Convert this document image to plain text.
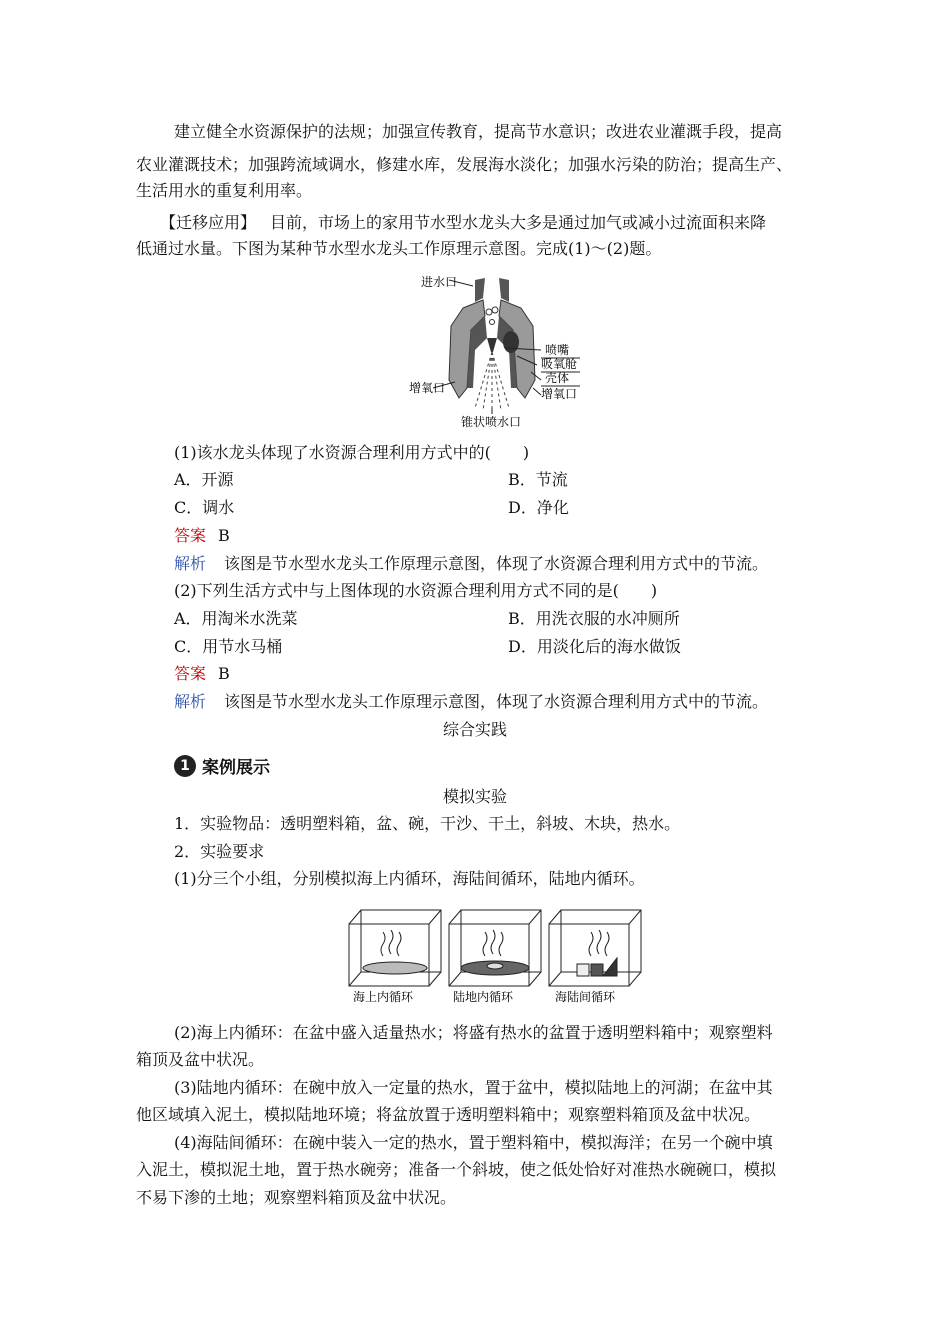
建立健全水资源保护的法规；加强宣传教育，提高节水意识；改进农业灌溉手段，提高
农业灌溉技术；加强跨流域调水，修建水库，发展海水淡化；加强水污染的防治；提高生产、
生活用水的重复利用率。
【迁移应用】 目前，市场上的家用节水型水龙头大多是通过加气或减小过流面积来降
低通过水量。下图为某种节水型水龙头工作原理示意图。完成(1)～(2)题。
进水口
喷嘴
吸氧舱
壳体
增氧口
增氧口
锥状喷水口
(1)该水龙头体现了水资源合理利用方式中的(　　)
A．开源	B．节流
C．调水	D．净化
答案 B
解析 该图是节水型水龙头工作原理示意图，体现了水资源合理利用方式中的节流。
(2)下列生活方式中与上图体现的水资源合理利用方式不同的是(　　)
A．用淘米水洗菜	B．用洗衣服的水冲厕所
C．用节水马桶	D．用淡化后的海水做饭
答案 B
解析 该图是节水型水龙头工作原理示意图，体现了水资源合理利用方式中的节流。
综合实践
1 案例展示
模拟实验
1．实验物品：透明塑料箱，盆、碗，干沙、干土，斜坡、木块，热水。
2．实验要求
(1)分三个小组，分别模拟海上内循环，海陆间循环，陆地内循环。
海上内循环	陆地内循环	海陆间循环
(2)海上内循环：在盆中盛入适量热水；将盛有热水的盆置于透明塑料箱中；观察塑料
箱顶及盆中状况。
(3)陆地内循环：在碗中放入一定量的热水，置于盆中，模拟陆地上的河湖；在盆中其
他区域填入泥土，模拟陆地环境；将盆放置于透明塑料箱中；观察塑料箱顶及盆中状况。
(4)海陆间循环：在碗中装入一定的热水，置于塑料箱中，模拟海洋；在另一个碗中填
入泥土，模拟泥土地，置于热水碗旁；准备一个斜坡，使之低处恰好对准热水碗碗口，模拟
不易下渗的土地；观察塑料箱顶及盆中状况。
